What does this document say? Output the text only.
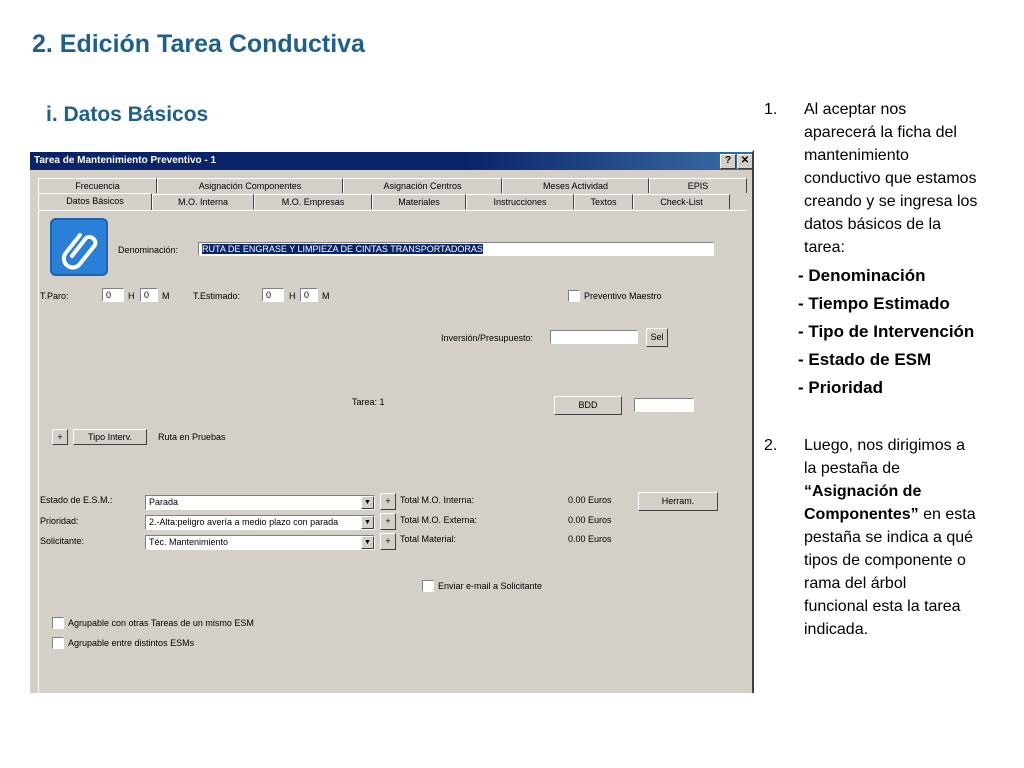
2. Edición Tarea Conductiva
i. Datos Básicos
Tarea de Mantenimiento Preventivo - 1	? ✕
Frecuencia	Asignación Componentes	Asignación Centros	Meses Actividad	EPIS
Datos Básicos	M.O. Interna	M.O. Empresas	Materiales	Instrucciones	Textos	Check-List
Denominación:	RUTA DE ENGRASE Y LIMPIEZA DE CINTAS TRANSPORTADORAS
T.Paro:	0	H	0	M	T.Estimado:	0	H 0	M	Preventivo Maestro
Inversión/Presupuesto:	Sel
Tarea: 1	BDD
+	Tipo Interv.	Ruta en Pruebas
Estado de E.S.M.:	Parada	▼	+
Prioridad:	2.-Alta:peligro avería a medio plazo con parada	▼	+
Solicitante:	Téc. Mantenimiento	▼	+
Total M.O. Interna:	0.00 Euros
Total M.O. Externa:	0.00 Euros
Total Material:	0.00 Euros
Herram.
Enviar e-mail a Solicitante
Agrupable con otras Tareas de un mismo ESM
Agrupable entre distintos ESMs
1. Al aceptar nos
aparecerá la ficha del
mantenimiento
conductivo que estamos
creando y se ingresa los
datos básicos de la
tarea:
- Denominación
- Tiempo Estimado
- Tipo de Intervención
- Estado de ESM
- Prioridad
2. Luego, nos dirigimos a
la pestaña de
“Asignación de
Componentes” en esta
pestaña se indica a qué
tipos de componente o
rama del árbol
funcional esta la tarea
indicada.
